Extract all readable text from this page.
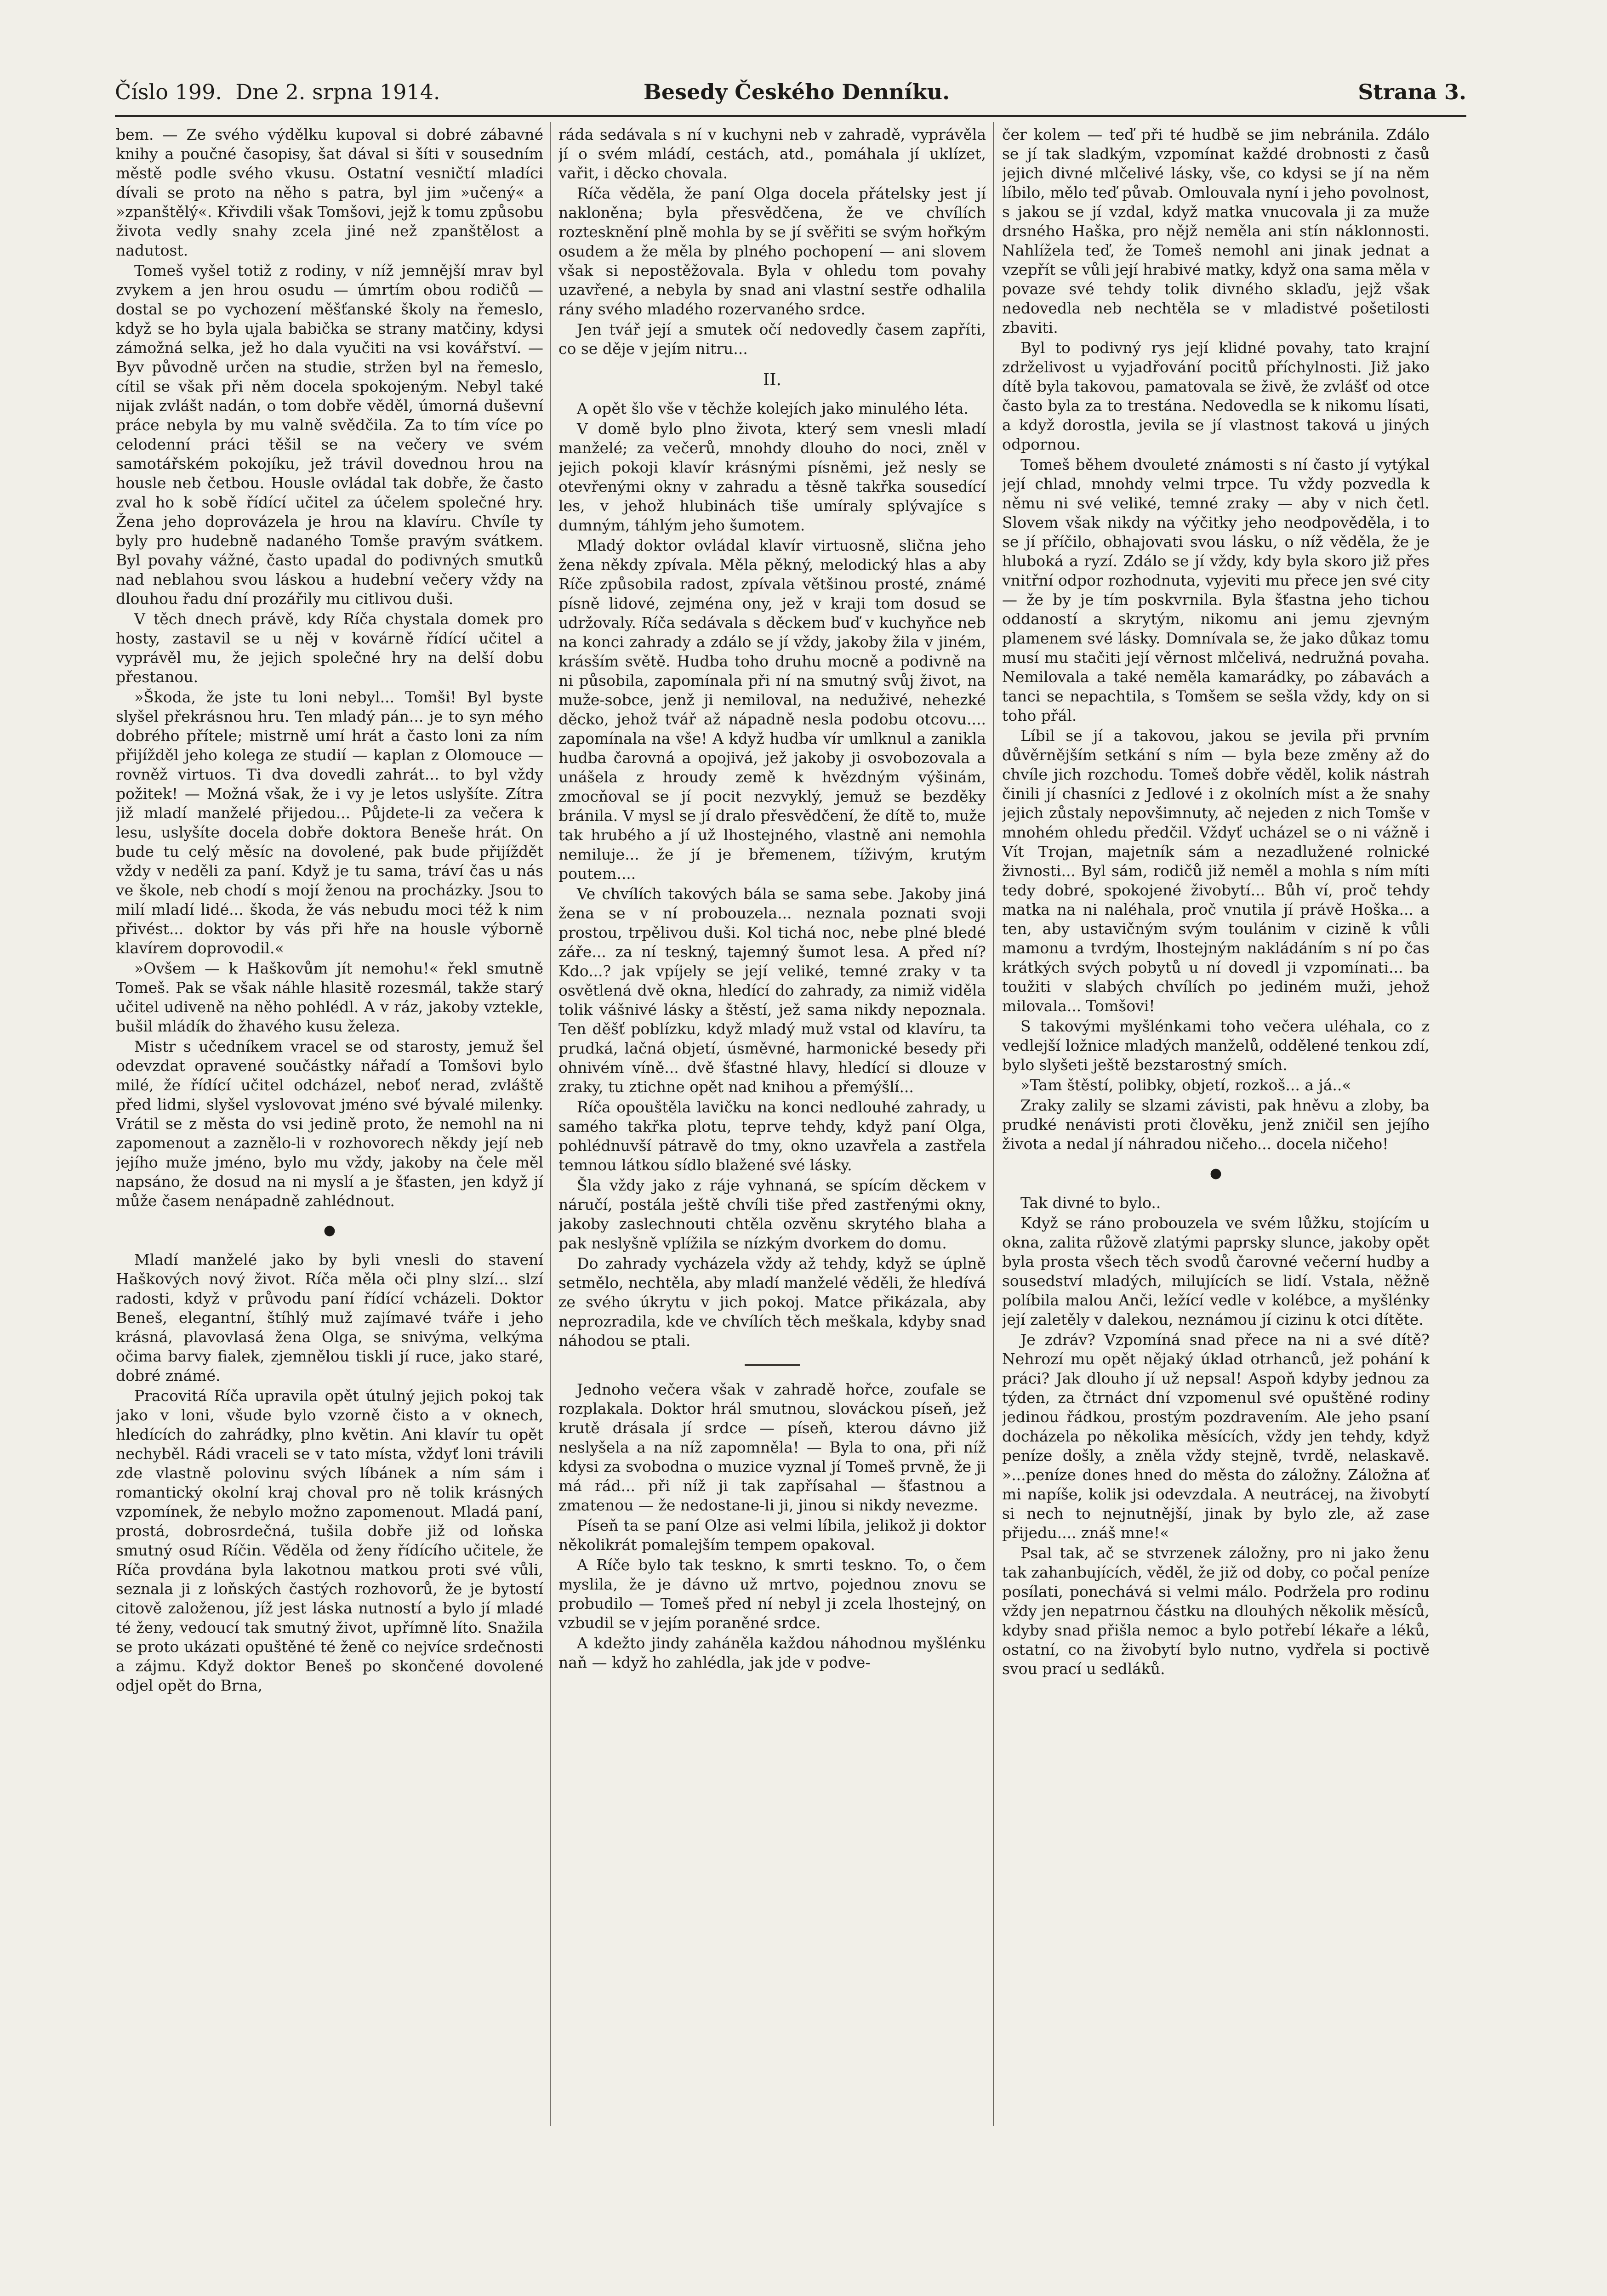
Číslo 199. Dne 2. srpna 1914.	Besedy Českého Denníku.	Strana 3.

bem. — Ze svého výdělku kupoval si dobré zábavné knihy a poučné časopisy, šat dával si šíti v sousedním městě podle svého vkusu. Ostatní vesničtí mladíci dívali se proto na něho s patra, byl jim »učený« a »zpanštělý«. Křivdili však Tomšovi, jejž k tomu způsobu života vedly snahy zcela jiné než zpanštělost a nadutost.

Tomeš vyšel totiž z rodiny, v níž jemnější mrav byl zvykem a jen hrou osudu — úmrtím obou rodičů — dostal se po vychození měšťanské školy na řemeslo, když se ho byla ujala babička se strany matčiny, kdysi zámožná selka, jež ho dala vyučiti na vsi kovářství. — Byv původně určen na studie, stržen byl na řemeslo, cítil se však při něm docela spokojeným. Nebyl také nijak zvlášt nadán, o tom dobře věděl, úmorná duševní práce nebyla by mu valně svědčila. Za to tím více po celodenní práci těšil se na večery ve svém samotářském pokojíku, jež trávil dovednou hrou na housle neb četbou. Housle ovládal tak dobře, že často zval ho k sobě řídící učitel za účelem společné hry. Žena jeho doprovázela je hrou na klavíru. Chvíle ty byly pro hudebně nadaného Tomše pravým svátkem. Byl povahy vážné, často upadal do podivných smutků nad neblahou svou láskou a hudební večery vždy na dlouhou řadu dní prozářily mu citlivou duši.

V těch dnech právě, kdy Ríča chystala domek pro hosty, zastavil se u něj v kovárně řídící učitel a vyprávěl mu, že jejich společné hry na delší dobu přestanou.

»Škoda, že jste tu loni nebyl... Tomši! Byl byste slyšel překrásnou hru. Ten mladý pán... je to syn mého dobrého přítele; mistrně umí hrát a často loni za ním přijížděl jeho kolega ze studií — kaplan z Olomouce — rovněž virtuos. Ti dva dovedli zahrát... to byl vždy požitek! — Možná však, že i vy je letos uslyšíte. Zítra již mladí manželé přijedou... Půjdete-li za večera k lesu, uslyšíte docela dobře doktora Beneše hrát. On bude tu celý měsíc na dovolené, pak bude přijíždět vždy v neděli za paní. Když je tu sama, tráví čas u nás ve škole, neb chodí s mojí ženou na procházky. Jsou to milí mladí lidé... škoda, že vás nebudu moci též k nim přivést... doktor by vás při hře na housle výborně klavírem doprovodil.«

»Ovšem — k Haškovům jít nemohu!« řekl smutně Tomeš. Pak se však náhle hlasitě rozesmál, takže starý učitel udiveně na něho pohlédl. A v ráz, jakoby vztekle, bušil mládík do žhavého kusu železa.

Mistr s učedníkem vracel se od starosty, jemuž šel odevzdat opravené součástky nářadí a Tomšovi bylo milé, že řídící učitel odcházel, neboť nerad, zvláště před lidmi, slyšel vyslovovat jméno své bývalé milenky. Vrátil se z města do vsi jedině proto, že nemohl na ni zapomenout a zaznělo-li v rozhovorech někdy její neb jejího muže jméno, bylo mu vždy, jakoby na čele měl napsáno, že dosud na ni myslí a je šťasten, jen když jí může časem nenápadně zahlédnout.

●

Mladí manželé jako by byli vnesli do stavení Haškových nový život. Ríča měla oči plny slzí... slzí radosti, když v průvodu paní řídící vcházeli. Doktor Beneš, elegantní, štíhlý muž zajímavé tváře i jeho krásná, plavovlasá žena Olga, se snivýma, velkýma očima barvy fialek, zjemnělou tiskli jí ruce, jako staré, dobré známé.

Pracovitá Ríča upravila opět útulný jejich pokoj tak jako v loni, všude bylo vzorně čisto a v oknech, hledících do zahrádky, plno květin. Ani klavír tu opět nechyběl. Rádi vraceli se v tato místa, vždyť loni trávili zde vlastně polovinu svých líbánek a ním sám i romantický okolní kraj choval pro ně tolik krásných vzpomínek, že nebylo možno zapomenout. Mladá paní, prostá, dobrosrdečná, tušila dobře již od loňska smutný osud Ríčin. Věděla od ženy řídícího učitele, že Ríča provdána byla lakotnou matkou proti své vůli, seznala ji z loňských častých rozhovorů, že je bytostí citově založenou, jíž jest láska nutností a bylo jí mladé té ženy, vedoucí tak smutný život, upřímně líto. Snažila se proto ukázati opuštěné té ženě co nejvíce srdečnosti a zájmu. Když doktor Beneš po skončené dovolené odjel opět do Brna,

ráda sedávala s ní v kuchyni neb v zahradě, vyprávěla jí o svém mládí, cestách, atd., pomáhala jí uklízet, vařit, i děcko chovala.

Ríča věděla, že paní Olga docela přátelsky jest jí nakloněna; byla přesvědčena, že ve chvílích roztesknění plně mohla by se jí svěřiti se svým hořkým osudem a že měla by plného pochopení — ani slovem však si nepostěžovala. Byla v ohledu tom povahy uzavřené, a nebyla by snad ani vlastní sestře odhalila rány svého mladého rozervaného srdce.

Jen tvář její a smutek očí nedovedly časem zapříti, co se děje v jejím nitru...

II.

A opět šlo vše v těchže kolejích jako minulého léta.

V domě bylo plno života, který sem vnesli mladí manželé; za večerů, mnohdy dlouho do noci, zněl v jejich pokoji klavír krásnými písněmi, jež nesly se otevřenými okny v zahradu a těsně takřka sousedící les, v jehož hlubinách tiše umíraly splývajíce s dumným, táhlým jeho šumotem.

Mladý doktor ovládal klavír virtuosně, slična jeho žena někdy zpívala. Měla pěkný, melodický hlas a aby Ríče způsobila radost, zpívala většinou prosté, známé písně lidové, zejména ony, jež v kraji tom dosud se udržovaly. Ríča sedávala s děckem buď v kuchyňce neb na konci zahrady a zdálo se jí vždy, jakoby žila v jiném, krásším světě. Hudba toho druhu mocně a podivně na ni působila, zapomínala při ní na smutný svůj život, na muže-sobce, jenž ji nemiloval, na neduživé, nehezké děcko, jehož tvář až nápadně nesla podobu otcovu.... zapomínala na vše! A když hudba vír umlknul a zanikla hudba čarovná a opojivá, jež jakoby ji osvobozovala a unášela z hroudy země k hvězdným výšinám, zmocňoval se jí pocit nezvyklý, jemuž se bezděky bránila. V mysl se jí dralo přesvědčení, že dítě to, muže tak hrubého a jí už lhostejného, vlastně ani nemohla nemiluje... že jí je břemenem, tíživým, krutým poutem....

Ve chvílích takových bála se sama sebe. Jakoby jiná žena se v ní probouzela... neznala poznati svoji prostou, trpělivou duši. Kol tichá noc, nebe plné bledé záře... za ní teskný, tajemný šumot lesa. A před ní? Kdo...? jak vpíjely se její veliké, temné zraky v ta osvětlená dvě okna, hledící do zahrady, za nimiž viděla tolik vášnivé lásky a štěstí, jež sama nikdy nepoznala. Ten děšť poblízku, když mladý muž vstal od klavíru, ta prudká, lačná objetí, úsměvné, harmonické besedy při ohnivém víně... dvě šťastné hlavy, hledící si dlouze v zraky, tu ztichne opět nad knihou a přemýšlí...

Ríča opouštěla lavičku na konci nedlouhé zahrady, u samého takřka plotu, teprve tehdy, když paní Olga, pohlédnuvší pátravě do tmy, okno uzavřela a zastřela temnou látkou sídlo blažené své lásky.

Šla vždy jako z ráje vyhnaná, se spícím děckem v náručí, postála ještě chvíli tiše před zastřenými okny, jakoby zaslechnouti chtěla ozvěnu skrytého blaha a pak neslyšně vplížila se nízkým dvorkem do domu.

Do zahrady vycházela vždy až tehdy, když se úplně setmělo, nechtěla, aby mladí manželé věděli, že hledívá ze svého úkrytu v jich pokoj. Matce přikázala, aby neprozradila, kde ve chvílích těch meškala, kdyby snad náhodou se ptali.

Jednoho večera však v zahradě hořce, zoufale se rozplakala. Doktor hrál smutnou, slováckou píseň, jež krutě drásala jí srdce — píseň, kterou dávno již neslyšela a na níž zapomněla! — Byla to ona, při níž kdysi za svobodna o muzice vyznal jí Tomeš prvně, že ji má rád... při níž ji tak zapřísahal — šťastnou a zmatenou — že nedostane-li ji, jinou si nikdy nevezme.

Píseň ta se paní Olze asi velmi líbila, jelikož ji doktor několikrát pomalejším tempem opakoval.

A Ríče bylo tak teskno, k smrti teskno. To, o čem myslila, že je dávno už mrtvo, pojednou znovu se probudilo — Tomeš před ní nebyl ji zcela lhostejný, on vzbudil se v jejím poraněné srdce.

A kdežto jindy zaháněla každou náhodnou myšlénku naň — když ho zahlédla, jak jde v podve-

čer kolem — teď při té hudbě se jim nebránila. Zdálo se jí tak sladkým, vzpomínat každé drobnosti z časů jejich divné mlčelivé lásky, vše, co kdysi se jí na něm líbilo, mělo teď půvab. Omlouvala nyní i jeho povolnost, s jakou se jí vzdal, když matka vnucovala ji za muže drsného Haška, pro nějž neměla ani stín náklonnosti. Nahlížela teď, že Tomeš nemohl ani jinak jednat a vzepřít se vůli její hrabivé matky, když ona sama měla v povaze své tehdy tolik divného sklaďu, jejž však nedovedla neb nechtěla se v mladistvé pošetilosti zbaviti.

Byl to podivný rys její klidné povahy, tato krajní zdrželivost u vyjadřování pocitů příchylnosti. Již jako dítě byla takovou, pamatovala se živě, že zvlášť od otce často byla za to trestána. Nedovedla se k nikomu lísati, a když dorostla, jevila se jí vlastnost taková u jiných odpornou.

Tomeš během dvouleté známosti s ní často jí vytýkal její chlad, mnohdy velmi trpce. Tu vždy pozvedla k němu ni své veliké, temné zraky — aby v nich četl. Slovem však nikdy na výčitky jeho neodpověděla, i to se jí příčilo, obhajovati svou lásku, o níž věděla, že je hluboká a ryzí. Zdálo se jí vždy, kdy byla skoro již přes vnitřní odpor rozhodnuta, vyjeviti mu přece jen své city — že by je tím poskvrnila. Byla šťastna jeho tichou oddaností a skrytým, nikomu ani jemu zjevným plamenem své lásky. Domnívala se, že jako důkaz tomu musí mu stačiti její věrnost mlčelivá, nedružná povaha. Nemilovala a také neměla kamarádky, po zábavách a tanci se nepachtila, s Tomšem se sešla vždy, kdy on si toho přál.

Líbil se jí a takovou, jakou se jevila při prvním důvěrnějším setkání s ním — byla beze změny až do chvíle jich rozchodu. Tomeš dobře věděl, kolik nástrah činili jí chasníci z Jedlové i z okolních míst a že snahy jejich zůstaly nepovšimnuty, ač nejeden z nich Tomše v mnohém ohledu předčil. Vždyť ucházel se o ni vážně i Vít Trojan, majetník sám a nezadlužené rolnické živnosti... Byl sám, rodičů již neměl a mohla s ním míti tedy dobré, spokojené živobytí... Bůh ví, proč tehdy matka na ni naléhala, proč vnutila jí právě Hoška... a ten, aby ustavičným svým toulánim v cizině k vůli mamonu a tvrdým, lhostejným nakládáním s ní po čas krátkých svých pobytů u ní dovedl ji vzpomínati... ba toužiti v slabých chvílích po jediném muži, jehož milovala... Tomšovi!

S takovými myšlénkami toho večera uléhala, co z vedlejší ložnice mladých manželů, oddělené tenkou zdí, bylo slyšeti ještě bezstarostný smích.

»Tam štěstí, polibky, objetí, rozkoš... a já..«

Zraky zalily se slzami závisti, pak hněvu a zloby, ba prudké nenávisti proti člověku, jenž zničil sen jejího života a nedal jí náhradou ničeho... docela ničeho!

●

Tak divné to bylo..

Když se ráno probouzela ve svém lůžku, stojícím u okna, zalita růžově zlatými paprsky slunce, jakoby opět byla prosta všech těch svodů čarovné večerní hudby a sousedství mladých, milujících se lidí. Vstala, něžně políbila malou Anči, ležící vedle v kolébce, a myšlénky její zaletěly v dalekou, neznámou jí cizinu k otci dítěte.

Je zdráv? Vzpomíná snad přece na ni a své dítě? Nehrozí mu opět nějaký úklad otrhanců, jež pohání k práci? Jak dlouho jí už nepsal! Aspoň kdyby jednou za týden, za čtrnáct dní vzpomenul své opuštěné rodiny jedinou řádkou, prostým pozdravením. Ale jeho psaní docházela po několika měsících, vždy jen tehdy, když peníze došly, a zněla vždy stejně, tvrdě, nelaskavě. »...peníze dones hned do města do záložny. Záložna ať mi napíše, kolik jsi odevzdala. A neutrácej, na živobytí si nech to nejnutnější, jinak by bylo zle, až zase přijedu.... znáš mne!«

Psal tak, ač se stvrzenek záložny, pro ni jako ženu tak zahanbujících, věděl, že již od doby, co počal peníze posílati, ponechává si velmi málo. Podržela pro rodinu vždy jen nepatrnou částku na dlouhých několik měsíců, kdyby snad přišla nemoc a bylo potřebí lékaře a léků, ostatní, co na živobytí bylo nutno, vydřela si poctivě svou prací u sedláků.
